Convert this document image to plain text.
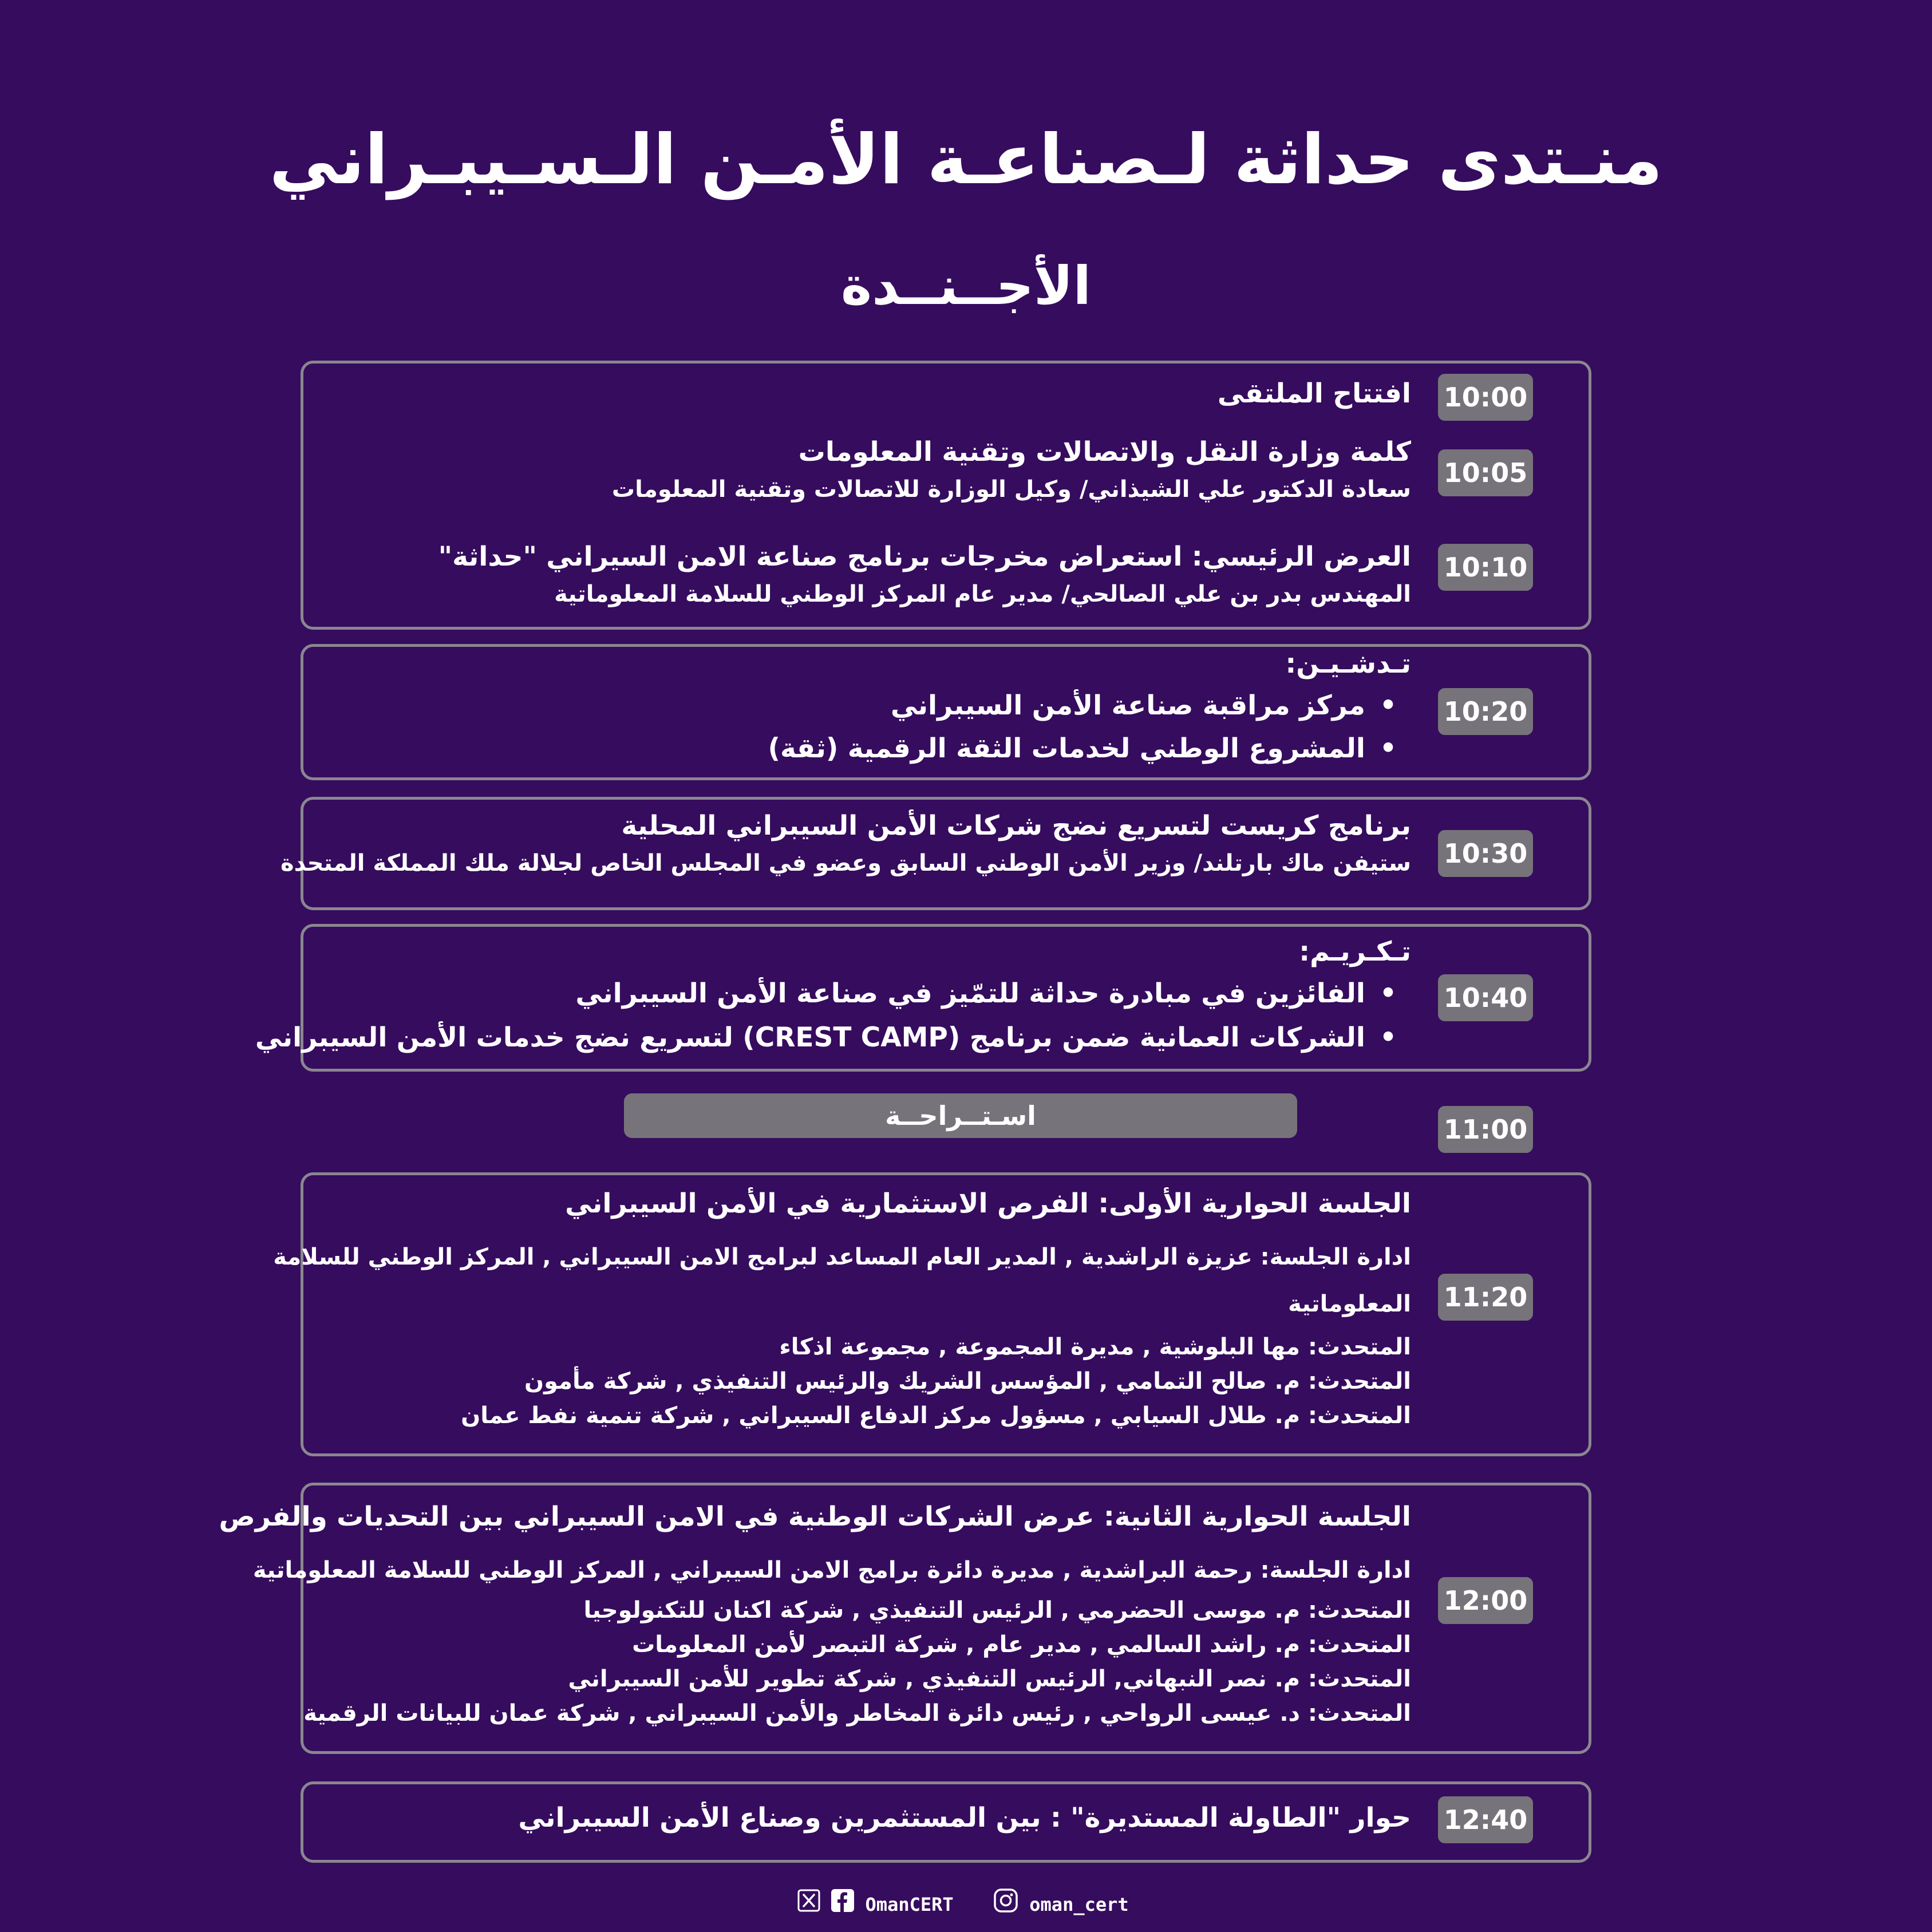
منـتدى حداثة لـصناعـة الأمـن الـسـيبـراني
الأجــنــدة
10:00
افتتاح الملتقى
10:05
كلمة وزارة النقل والاتصالات وتقنية المعلومات
سعادة الدكتور علي الشيذاني/ وكيل الوزارة للاتصالات وتقنية المعلومات
10:10
العرض الرئيسي: استعراض مخرجات برنامج صناعة الامن السيراني "حداثة"
المهندس بدر بن علي الصالحي/ مدير عام المركز الوطني للسلامة المعلوماتية
10:20
تـدشـيـن:
•مركز مراقبة صناعة الأمن السيبراني
•المشروع الوطني لخدمات الثقة الرقمية (ثقة)
10:30
برنامج كريست لتسريع نضج شركات الأمن السيبراني المحلية
ستيفن ماك بارتلند/ وزير الأمن الوطني السابق وعضو في المجلس الخاص لجلالة ملك المملكة المتحدة
10:40
تـكـريـم:
•الفائزين في مبادرة حداثة للتمّيز في صناعة الأمن السيبراني
•الشركات العمانية ضمن برنامج (CREST CAMP) لتسريع نضج خدمات الأمن السيبراني
اسـتــراحــة	11:00
11:20
الجلسة الحوارية الأولى: الفرص الاستثمارية في الأمن السيبراني
ادارة الجلسة: عزيزة الراشدية , المدير العام المساعد لبرامج الامن السيبراني , المركز الوطني للسلامة
المعلوماتية
المتحدث: مها البلوشية , مديرة المجموعة , مجموعة اذكاء
المتحدث: م. صالح التمامي , المؤسس الشريك والرئيس التنفيذي , شركة مأمون
المتحدث: م. طلال السيابي , مسؤول مركز الدفاع السيبراني , شركة تنمية نفط عمان
12:00
الجلسة الحوارية الثانية: عرض الشركات الوطنية في الامن السيبراني بين التحديات والفرص
ادارة الجلسة: رحمة البراشدية , مديرة دائرة برامج الامن السيبراني , المركز الوطني للسلامة المعلوماتية
المتحدث: م. موسى الحضرمي , الرئيس التنفيذي , شركة اكنان للتكنولوجيا
المتحدث: م. راشد السالمي , مدير عام , شركة التبصر لأمن المعلومات
المتحدث: م. نصر النبهاني, الرئيس التنفيذي , شركة تطوير للأمن السيبراني
المتحدث: د. عيسى الرواحي , رئيس دائرة المخاطر والأمن السيبراني , شركة عمان للبيانات الرقمية
12:40
حوار "الطاولة المستديرة" : بين المستثمرين وصناع الأمن السيبراني
OmanCERT	oman_cert
